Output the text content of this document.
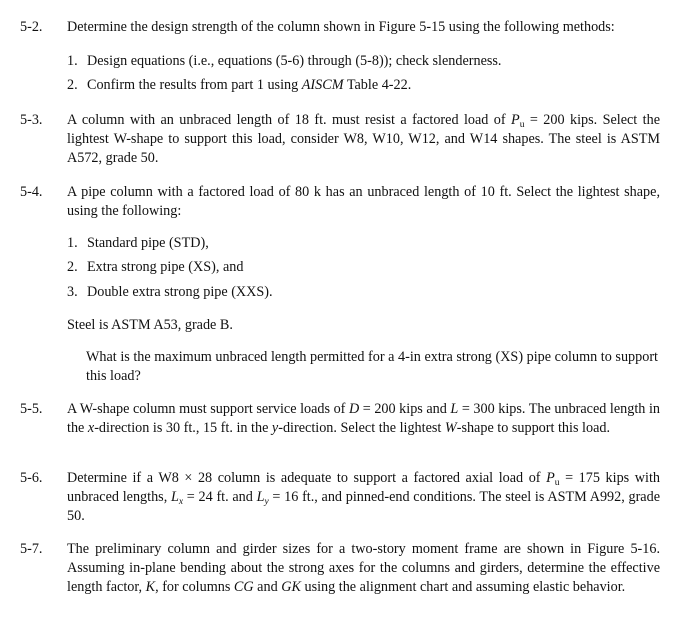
5-2. Determine the design strength of the column shown in Figure 5-15 using the following methods:
1. Design equations (i.e., equations (5-6) through (5-8)); check slenderness.
2. Confirm the results from part 1 using AISCM Table 4-22.
5-3. A column with an unbraced length of 18 ft. must resist a factored load of $P_u = 200$ kips. Select the lightest W-shape to support this load, consider W8, W10, W12, and W14 shapes. The steel is ASTM A572, grade 50.
5-4. A pipe column with a factored load of 80 k has an unbraced length of 10 ft. Select the lightest shape, using the following:
1. Standard pipe (STD),
2. Extra strong pipe (XS), and
3. Double extra strong pipe (XXS).
Steel is ASTM A53, grade B.
What is the maximum unbraced length permitted for a 4-in extra strong (XS) pipe column to support this load?
5-5. A W-shape column must support service loads of D = 200 kips and L = 300 kips. The unbraced length in the x-direction is 30 ft., 15 ft. in the y-direction. Select the lightest W-shape to support this load.
5-6. Determine if a W8 × 28 column is adequate to support a factored axial load of $P_u = 175$ kips with unbraced lengths, $L_x = 24$ ft. and $L_y = 16$ ft., and pinned-end conditions. The steel is ASTM A992, grade 50.
5-7. The preliminary column and girder sizes for a two-story moment frame are shown in Figure 5-16. Assuming in-plane bending about the strong axes for the columns and girders, determine the effective length factor, K, for columns CG and GK using the alignment chart and assuming elastic behavior.
